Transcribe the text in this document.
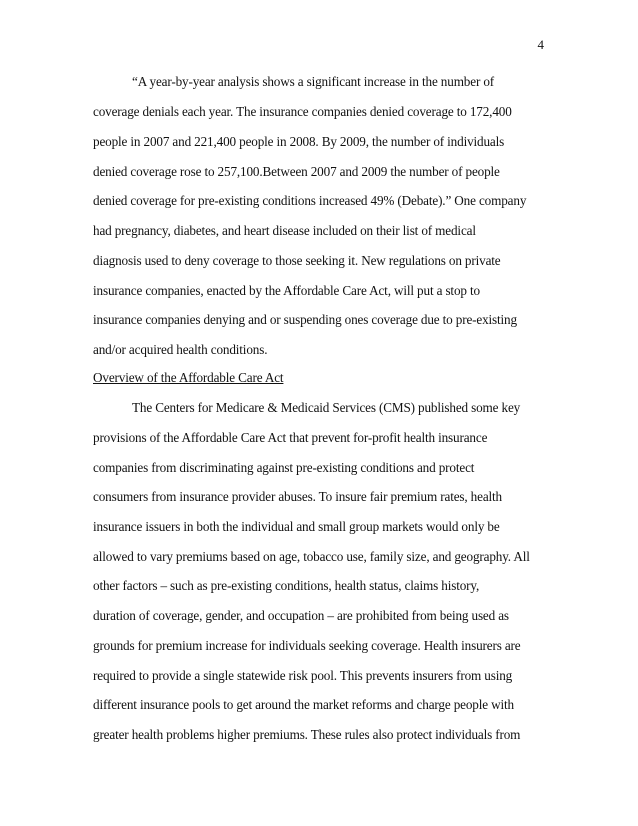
4
“A year-by-year analysis shows a significant increase in the number of
coverage denials each year. The insurance companies denied coverage to 172,400
people in 2007 and 221,400 people in 2008. By 2009, the number of individuals
denied coverage rose to 257,100.Between 2007 and 2009 the number of people
denied coverage for pre-existing conditions increased 49% (Debate).” One company
had pregnancy, diabetes, and heart disease included on their list of medical
diagnosis used to deny coverage to those seeking it. New regulations on private
insurance companies, enacted by the Affordable Care Act, will put a stop to
insurance companies denying and or suspending ones coverage due to pre-existing
and/or acquired health conditions.
Overview of the Affordable Care Act
The Centers for Medicare & Medicaid Services (CMS) published some key
provisions of the Affordable Care Act that prevent for-profit health insurance
companies from discriminating against pre-existing conditions and protect
consumers from insurance provider abuses. To insure fair premium rates, health
insurance issuers in both the individual and small group markets would only be
allowed to vary premiums based on age, tobacco use, family size, and geography. All
other factors – such as pre-existing conditions, health status, claims history,
duration of coverage, gender, and occupation – are prohibited from being used as
grounds for premium increase for individuals seeking coverage. Health insurers are
required to provide a single statewide risk pool. This prevents insurers from using
different insurance pools to get around the market reforms and charge people with
greater health problems higher premiums. These rules also protect individuals from
